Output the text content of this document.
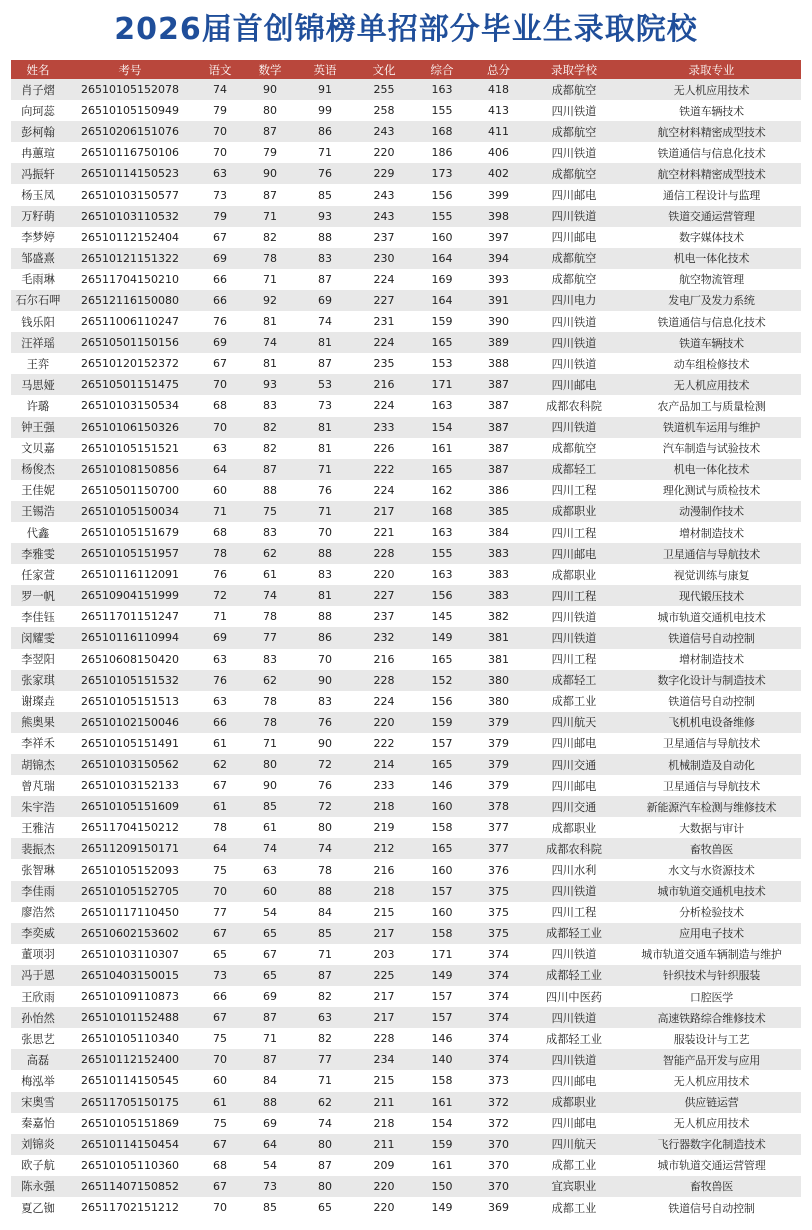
2026届首创锦榜单招部分毕业生录取院校
姓名	考号	语文	数学	英语	文化	综合	总分	录取学校	录取专业
肖子熠	26510105152078	74	90	91	255	163	418	成都航空	无人机应用技术
向珂蕊	26510105150949	79	80	99	258	155	413	四川铁道	铁道车辆技术
彭柯翰	26510206151076	70	87	86	243	168	411	成都航空	航空材料精密成型技术
冉蕙瑄	26510116750106	70	79	71	220	186	406	四川铁道	铁道通信与信息化技术
冯振轩	26510114150523	63	90	76	229	173	402	成都航空	航空材料精密成型技术
杨玉凤	26510103150577	73	87	85	243	156	399	四川邮电	通信工程设计与监理
万籽萌	26510103110532	79	71	93	243	155	398	四川铁道	铁道交通运营管理
李梦婷	26510112152404	67	82	88	237	160	397	四川邮电	数字媒体技术
邹盛熹	26510121151322	69	78	83	230	164	394	成都航空	机电一体化技术
毛雨琳	26511704150210	66	71	87	224	169	393	成都航空	航空物流管理
石尔石呷	26512116150080	66	92	69	227	164	391	四川电力	发电厂及发力系统
钱乐阳	26511006110247	76	81	74	231	159	390	四川铁道	铁道通信与信息化技术
汪祥瑶	26510501150156	69	74	81	224	165	389	四川铁道	铁道车辆技术
王弈	26510120152372	67	81	87	235	153	388	四川铁道	动车组检修技术
马思娅	26510501151475	70	93	53	216	171	387	四川邮电	无人机应用技术
许璐	26510103150534	68	83	73	224	163	387	成都农科院	农产品加工与质量检测
钟王强	26510106150326	70	82	81	233	154	387	四川铁道	铁道机车运用与维护
文贝嘉	26510105151521	63	82	81	226	161	387	成都航空	汽车制造与试验技术
杨俊杰	26510108150856	64	87	71	222	165	387	成都轻工	机电一体化技术
王佳妮	26510501150700	60	88	76	224	162	386	四川工程	理化测试与质检技术
王锡浩	26510105150034	71	75	71	217	168	385	成都职业	动漫制作技术
代鑫	26510105151679	68	83	70	221	163	384	四川工程	增材制造技术
李雅雯	26510105151957	78	62	88	228	155	383	四川邮电	卫星通信与导航技术
任家萱	26510116112091	76	61	83	220	163	383	成都职业	视觉训练与康复
罗一帆	26510904151999	72	74	81	227	156	383	四川工程	现代锻压技术
李佳钰	26511701151247	71	78	88	237	145	382	四川铁道	城市轨道交通机电技术
闵耀雯	26510116110994	69	77	86	232	149	381	四川铁道	铁道信号自动控制
李翌阳	26510608150420	63	83	70	216	165	381	四川工程	增材制造技术
张家琪	26510105151532	76	62	90	228	152	380	成都轻工	数字化设计与制造技术
谢璨垚	26510105151513	63	78	83	224	156	380	成都工业	铁道信号自动控制
熊奥果	26510102150046	66	78	76	220	159	379	四川航天	飞机机电设备维修
李祥禾	26510105151491	61	71	90	222	157	379	四川邮电	卫星通信与导航技术
胡锦杰	26510103150562	62	80	72	214	165	379	四川交通	机械制造及自动化
曾芃瑞	26510103152133	67	90	76	233	146	379	四川邮电	卫星通信与导航技术
朱宇浩	26510105151609	61	85	72	218	160	378	四川交通	新能源汽车检测与维修技术
王雅洁	26511704150212	78	61	80	219	158	377	成都职业	大数据与审计
裴振杰	26511209150171	64	74	74	212	165	377	成都农科院	畜牧兽医
张智琳	26510105152093	75	63	78	216	160	376	四川水利	水文与水资源技术
李佳雨	26510105152705	70	60	88	218	157	375	四川铁道	城市轨道交通机电技术
廖浩然	26510117110450	77	54	84	215	160	375	四川工程	分析检验技术
李奕威	26510602153602	67	65	85	217	158	375	成都轻工业	应用电子技术
董项羽	26510103110307	65	67	71	203	171	374	四川铁道	城市轨道交通车辆制造与维护
冯于恩	26510403150015	73	65	87	225	149	374	成都轻工业	针织技术与针织服装
王欣雨	26510109110873	66	69	82	217	157	374	四川中医药	口腔医学
孙怡然	26510101152488	67	87	63	217	157	374	四川铁道	高速铁路综合维修技术
张思艺	26510105110340	75	71	82	228	146	374	成都轻工业	服装设计与工艺
高磊	26510112152400	70	87	77	234	140	374	四川铁道	智能产品开发与应用
梅泓举	26510114150545	60	84	71	215	158	373	四川邮电	无人机应用技术
宋奥雪	26511705150175	61	88	62	211	161	372	成都职业	供应链运营
秦嘉怡	26510105151869	75	69	74	218	154	372	四川邮电	无人机应用技术
刘锦炎	26510114150454	67	64	80	211	159	370	四川航天	飞行器数字化制造技术
欧子航	26510105110360	68	54	87	209	161	370	成都工业	城市轨道交通运营管理
陈永强	26511407150852	67	73	80	220	150	370	宜宾职业	畜牧兽医
夏乙铷	26511702151212	70	85	65	220	149	369	成都工业	铁道信号自动控制
